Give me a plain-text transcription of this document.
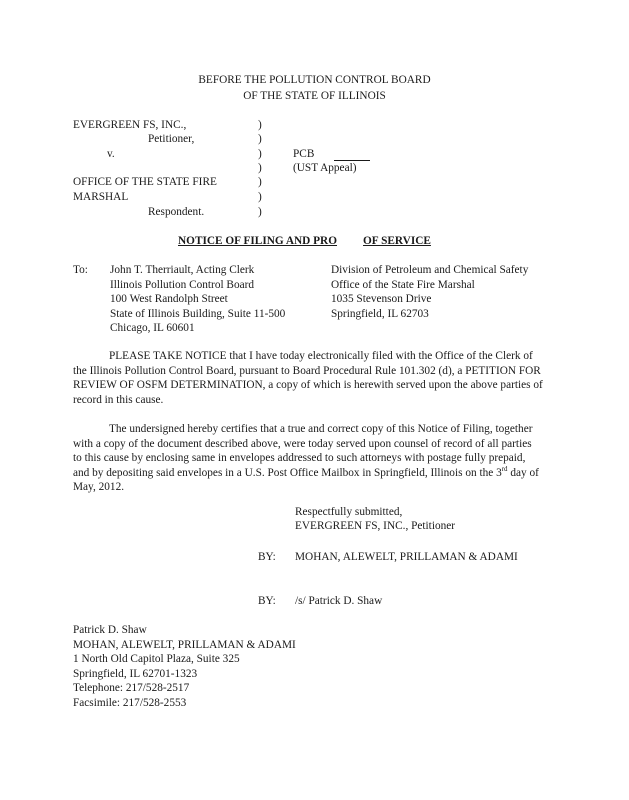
BEFORE THE POLLUTION CONTROL BOARD
OF THE STATE OF ILLINOIS
EVERGREEN FS, INC.,
Petitioner,
v.
OFFICE OF THE STATE FIRE
MARSHAL
Respondent.
)
)
)
)
)
)
)
PCB
(UST Appeal)
NOTICE OF FILING AND PRO OF SERVICE
To: John T. Therriault, Acting Clerk
Illinois Pollution Control Board
100 West Randolph Street
State of Illinois Building, Suite 11-500
Chicago, IL 60601
Division of Petroleum and Chemical Safety
Office of the State Fire Marshal
1035 Stevenson Drive
Springfield, IL 62703

PLEASE TAKE NOTICE that I have today electronically filed with the Office of the Clerk of the Illinois Pollution Control Board, pursuant to Board Procedural Rule 101.302 (d), a PETITION FOR REVIEW OF OSFM DETERMINATION, a copy of which is herewith served upon the above parties of record in this cause.

The undersigned hereby certifies that a true and correct copy of this Notice of Filing, together with a copy of the document described above, were today served upon counsel of record of all parties to this cause by enclosing same in envelopes addressed to such attorneys with postage fully prepaid, and by depositing said envelopes in a U.S. Post Office Mailbox in Springfield, Illinois on the 3rd day of May, 2012.

Respectfully submitted,
EVERGREEN FS, INC., Petitioner
BY: MOHAN, ALEWELT, PRILLAMAN & ADAMI
BY: /s/ Patrick D. Shaw
Patrick D. Shaw
MOHAN, ALEWELT, PRILLAMAN & ADAMI
1 North Old Capitol Plaza, Suite 325
Springfield, IL 62701-1323
Telephone: 217/528-2517
Facsimile: 217/528-2553
